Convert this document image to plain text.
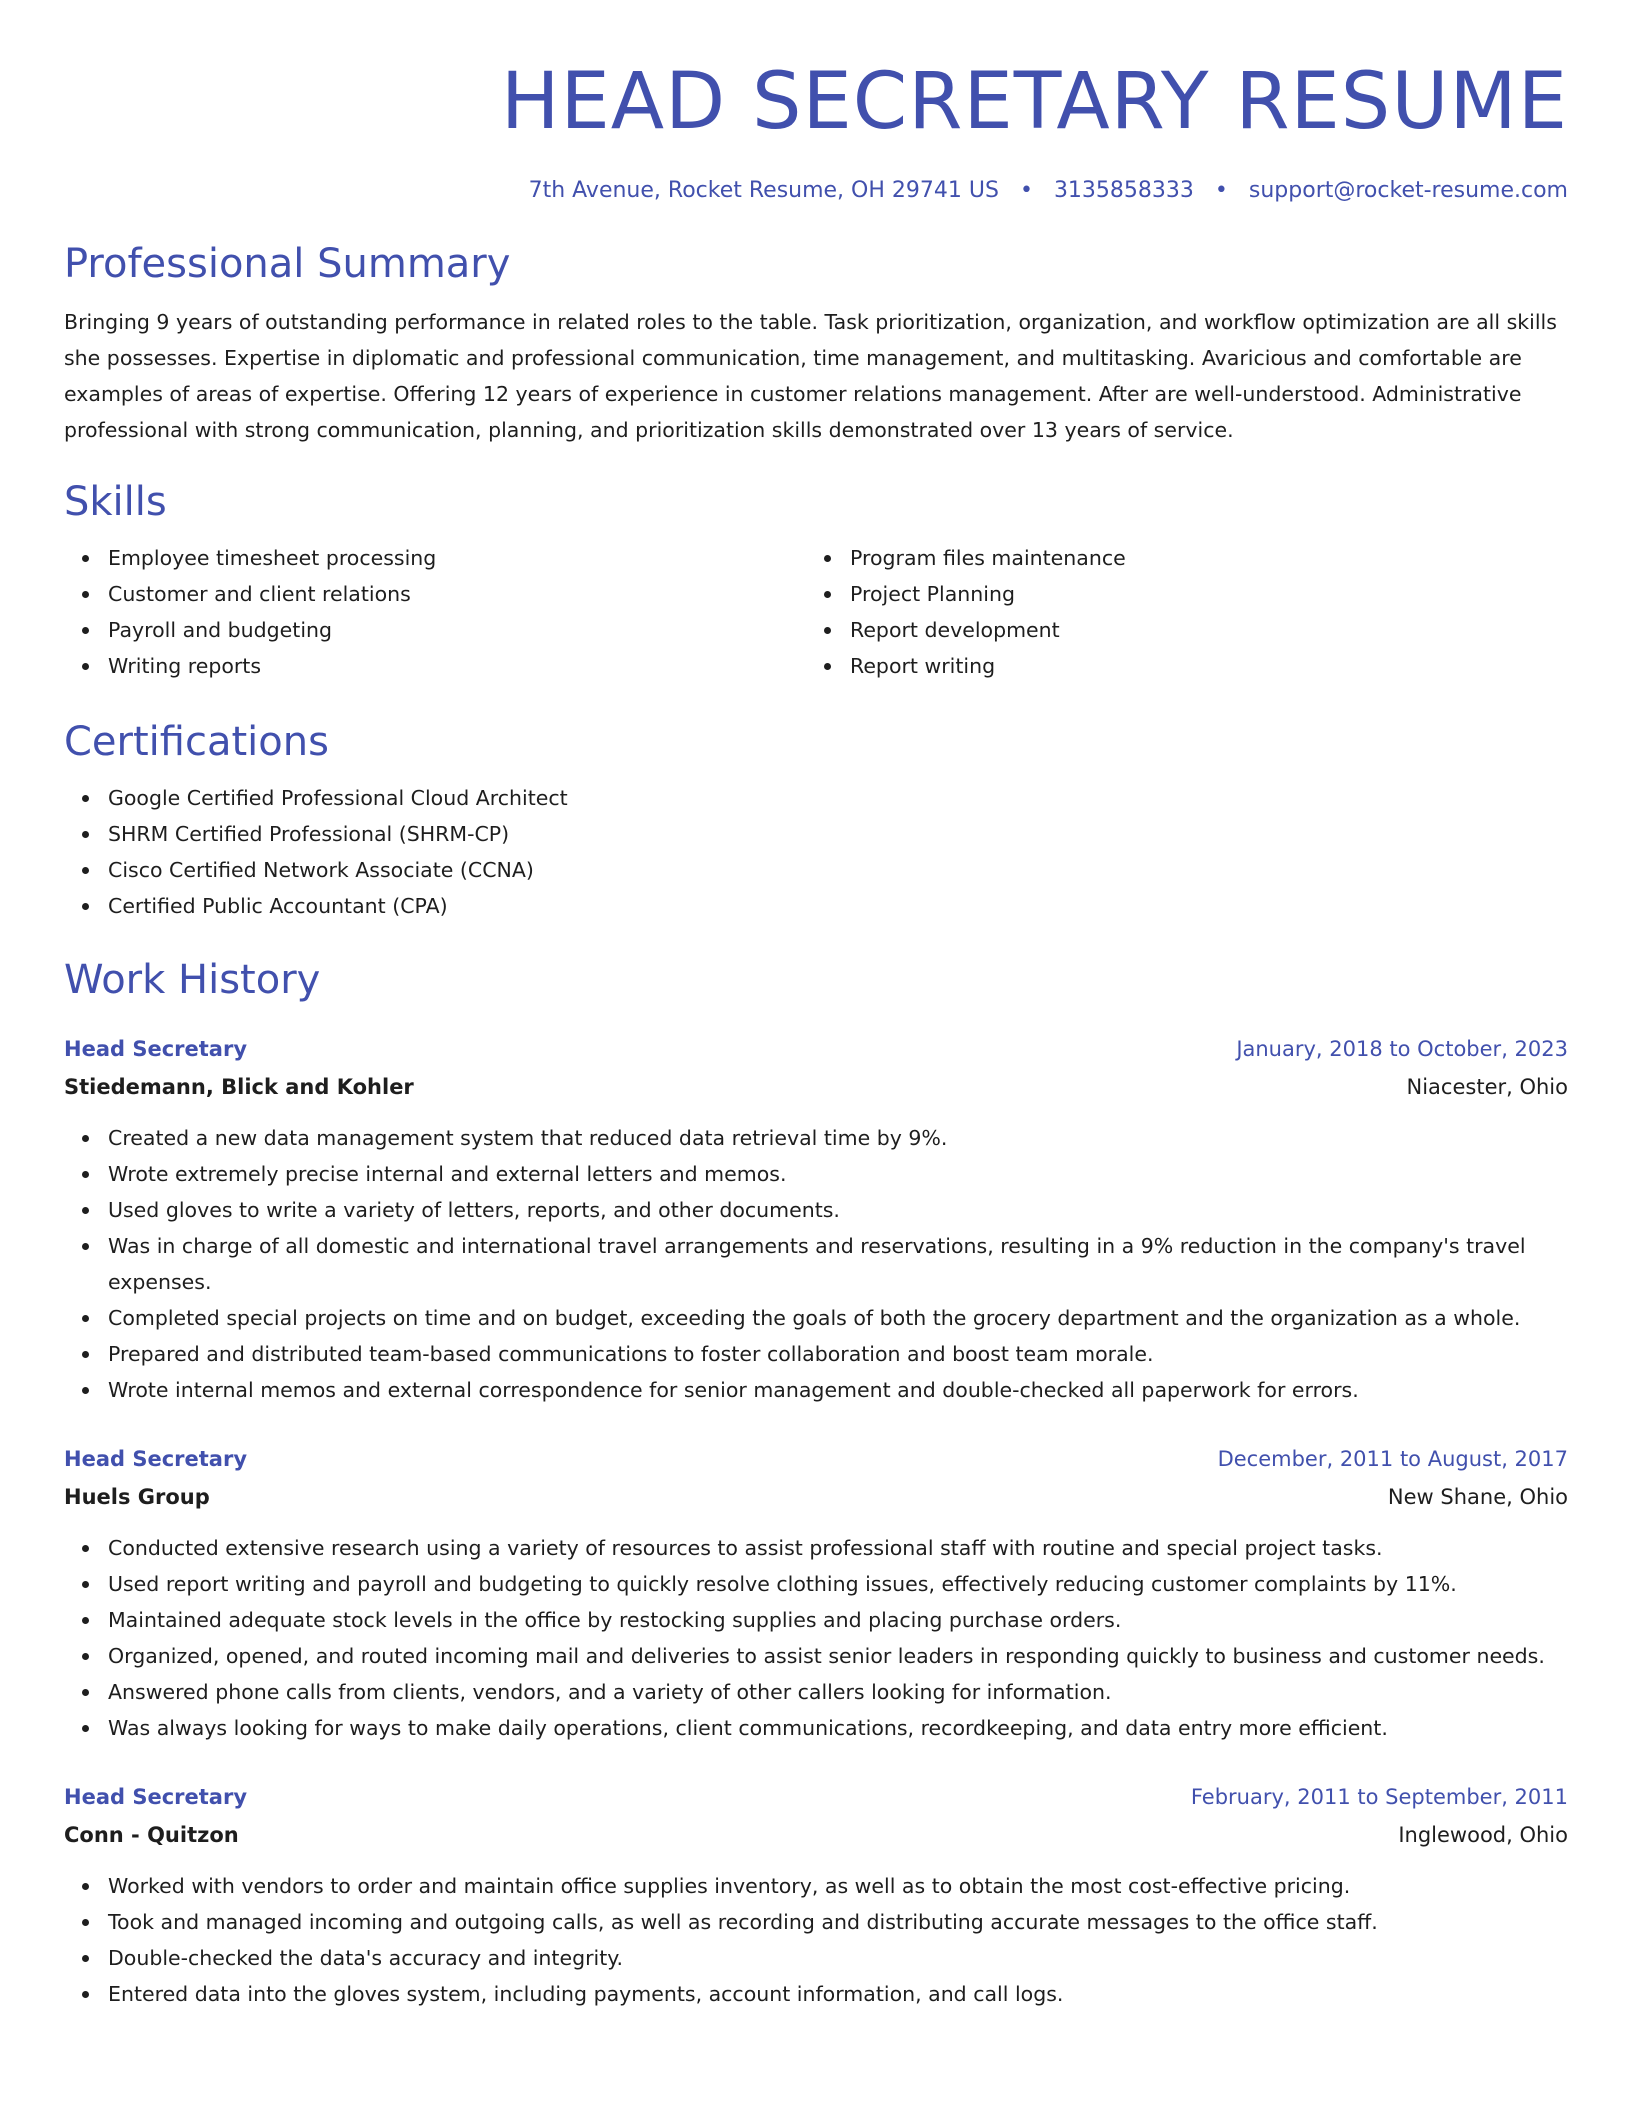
HEAD SECRETARY RESUME
7th Avenue, Rocket Resume, OH 29741 US • 3135858333 • support@rocket-resume.com
Professional Summary
Bringing 9 years of outstanding performance in related roles to the table. Task prioritization, organization, and workflow optimization are all skills she possesses. Expertise in diplomatic and professional communication, time management, and multitasking. Avaricious and comfortable are examples of areas of expertise. Offering 12 years of experience in customer relations management. After are well-understood. Administrative professional with strong communication, planning, and prioritization skills demonstrated over 13 years of service.
Skills
Employee timesheet processing
Customer and client relations
Payroll and budgeting
Writing reports
Program files maintenance
Project Planning
Report development
Report writing
Certifications
Google Certified Professional Cloud Architect
SHRM Certified Professional (SHRM-CP)
Cisco Certified Network Associate (CCNA)
Certified Public Accountant (CPA)
Work History
Head Secretary	January, 2018 to October, 2023
Stiedemann, Blick and Kohler	Niacester, Ohio
Created a new data management system that reduced data retrieval time by 9%.
Wrote extremely precise internal and external letters and memos.
Used gloves to write a variety of letters, reports, and other documents.
Was in charge of all domestic and international travel arrangements and reservations, resulting in a 9% reduction in the company's travel expenses.
Completed special projects on time and on budget, exceeding the goals of both the grocery department and the organization as a whole.
Prepared and distributed team-based communications to foster collaboration and boost team morale.
Wrote internal memos and external correspondence for senior management and double-checked all paperwork for errors.
Head Secretary	December, 2011 to August, 2017
Huels Group	New Shane, Ohio
Conducted extensive research using a variety of resources to assist professional staff with routine and special project tasks.
Used report writing and payroll and budgeting to quickly resolve clothing issues, effectively reducing customer complaints by 11%.
Maintained adequate stock levels in the office by restocking supplies and placing purchase orders.
Organized, opened, and routed incoming mail and deliveries to assist senior leaders in responding quickly to business and customer needs.
Answered phone calls from clients, vendors, and a variety of other callers looking for information.
Was always looking for ways to make daily operations, client communications, recordkeeping, and data entry more efficient.
Head Secretary	February, 2011 to September, 2011
Conn - Quitzon	Inglewood, Ohio
Worked with vendors to order and maintain office supplies inventory, as well as to obtain the most cost-effective pricing.
Took and managed incoming and outgoing calls, as well as recording and distributing accurate messages to the office staff.
Double-checked the data's accuracy and integrity.
Entered data into the gloves system, including payments, account information, and call logs.
